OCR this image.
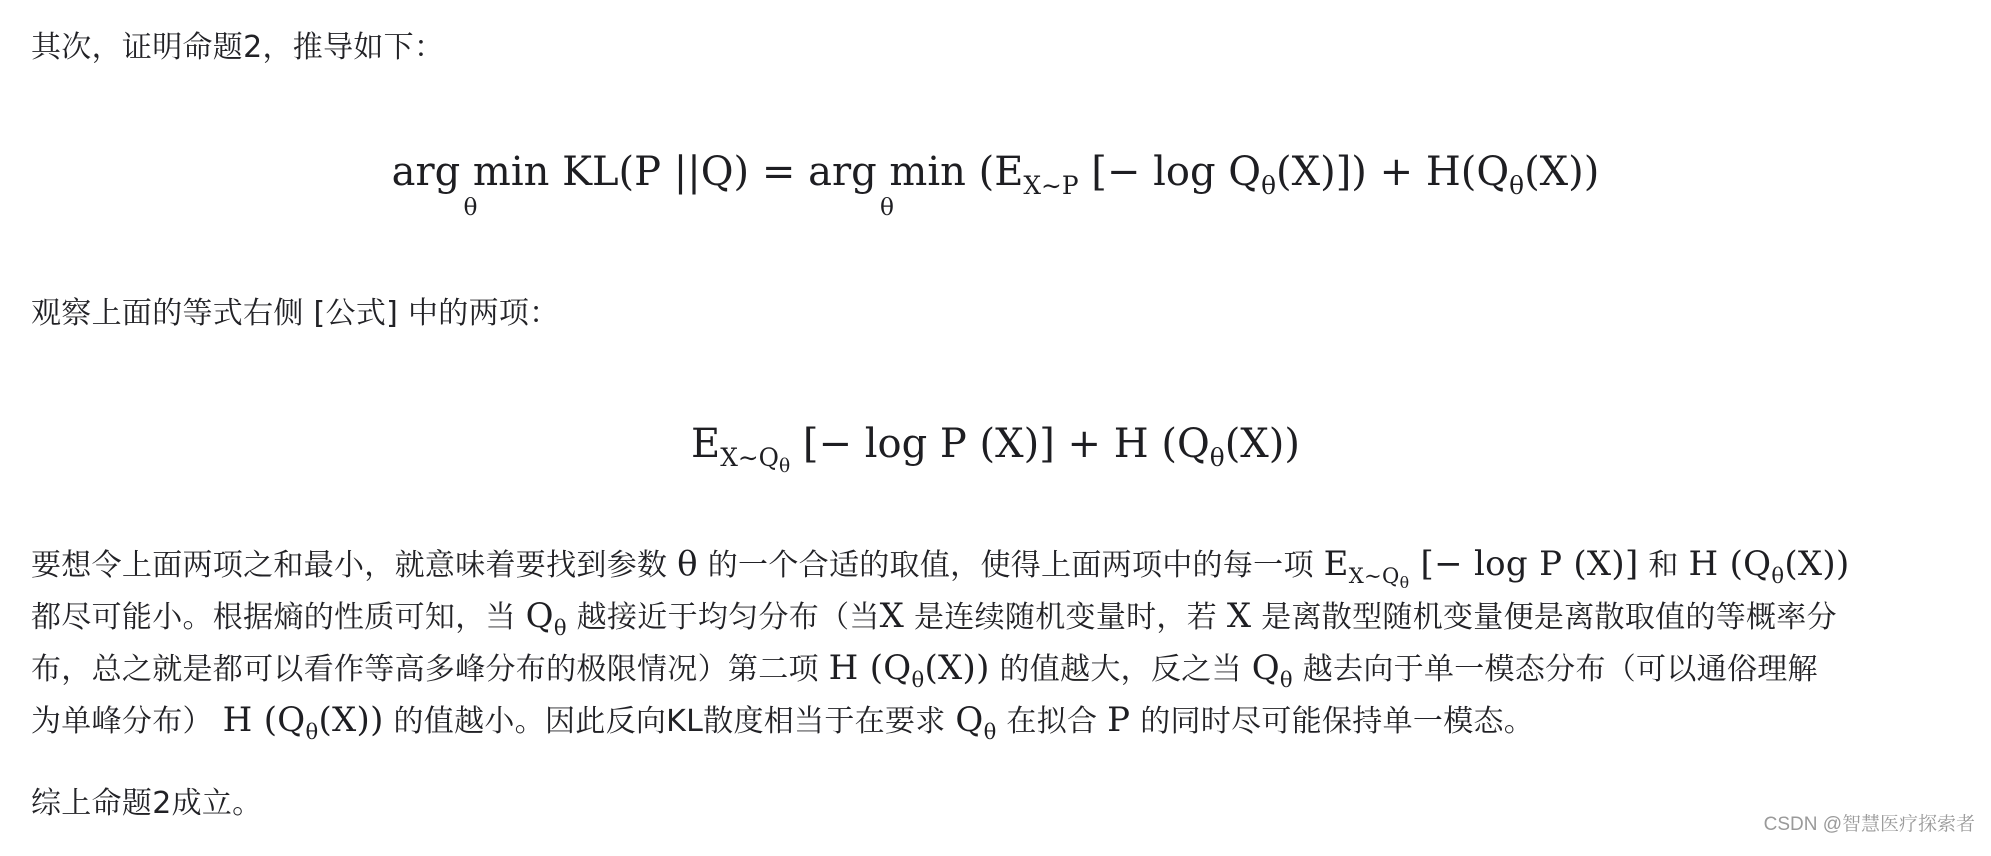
其次，证明命题2，推导如下：
arg min
θ
KL(P ||Q) = arg min
θ
($E_{X\sim P}$ [− $\log Q_\theta(X)]) + H(Q_\theta(X))$
观察上面的等式右侧 [公式] 中的两项：
$E_{X\sim Q_\theta}$ [− log P (X)] + H $(Q_\theta(X))$
要想令上面两项之和最小，就意味着要找到参数 θ 的一个合适的取值，使得上面两项中的每一项 $E_{X\sim Q_\theta}$ [− log P (X)] 和 H $(Q_\theta(X))$
都尽可能小。根据熵的性质可知，当 $Q_\theta$ 越接近于均匀分布（当X 是连续随机变量时，若 X 是离散型随机变量便是离散取值的等概率分
布，总之就是都可以看作等高多峰分布的极限情况）第二项 H $(Q_\theta(X))$ 的值越大，反之当 $Q_\theta$ 越去向于单一模态分布（可以通俗理解
为单峰分布） H $(Q_\theta(X))$ 的值越小。因此反向KL散度相当于在要求 $Q_\theta$ 在拟合 P 的同时尽可能保持单一模态。
综上命题2成立。
CSDN @智慧医疗探索者
